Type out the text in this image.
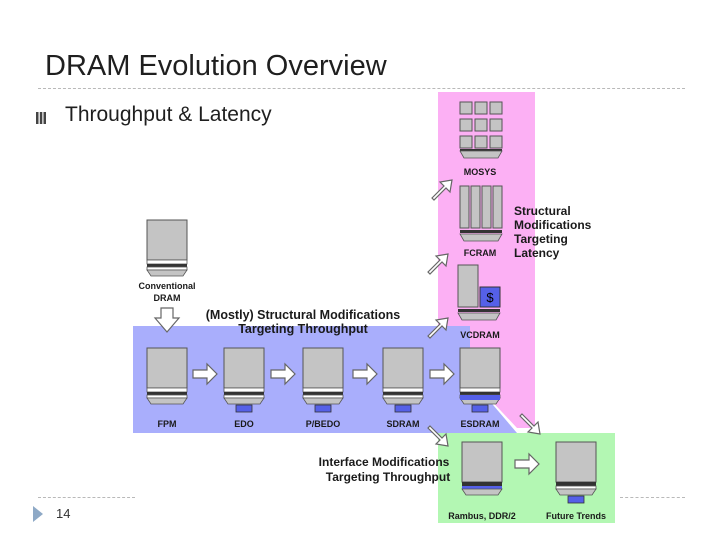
DRAM Evolution Overview
Throughput & Latency
Conventional
DRAM
(Mostly) Structural Modifications
Targeting Throughput
FPM	EDO	P/BEDO	SDRAM	ESDRAM
$
VCDRAM
FCRAM
MOSYS
Structural
Modifications
Targeting
Latency
Interface Modifications
Targeting Throughput
Rambus, DDR/2	Future Trends
14
